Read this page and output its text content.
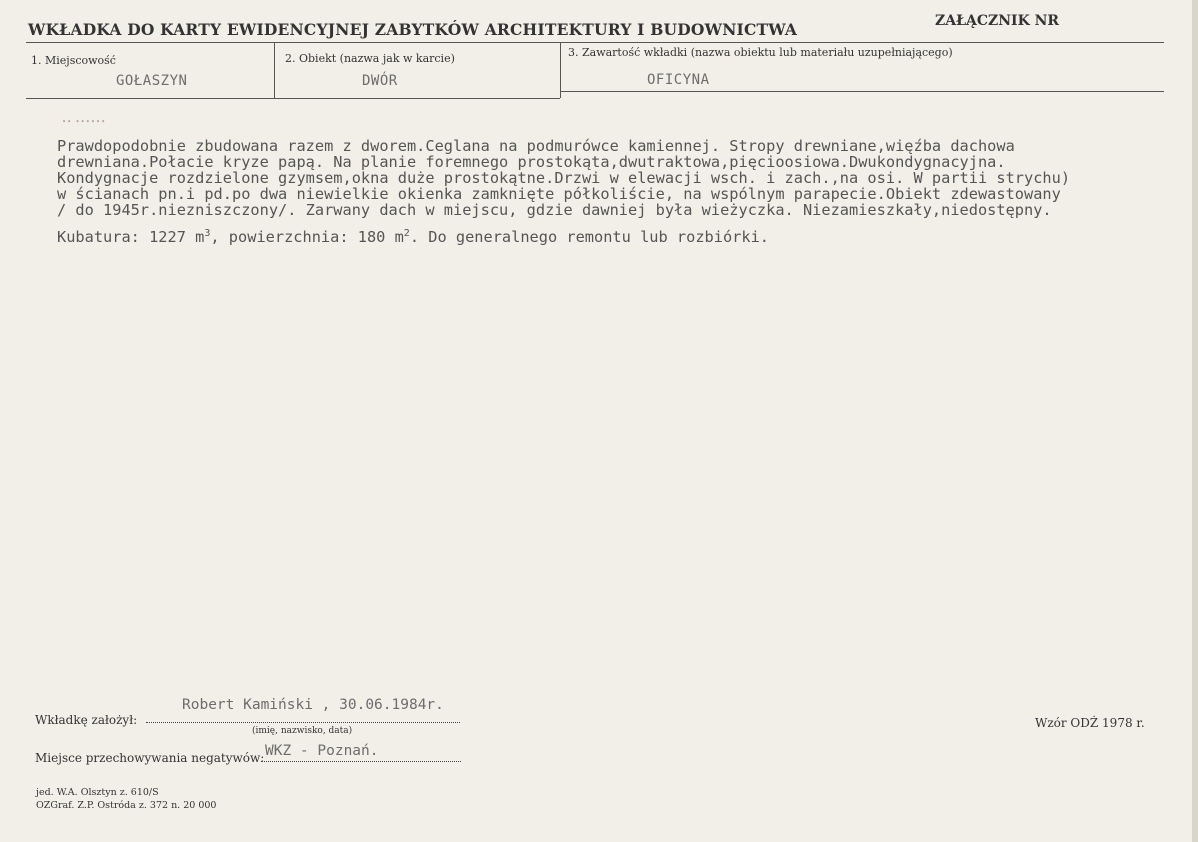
WKŁADKA DO KARTY EWIDENCYJNEJ ZABYTKÓW ARCHITEKTURY I BUDOWNICTWA	ZAŁĄCZNIK NR
1. Miejscowość
GOŁASZYN
2. Obiekt (nazwa jak w karcie)
DWÓR
3. Zawartość wkładki (nazwa obiektu lub materiału uzupełniającego)
OFICYNA
•• ••••••
Prawdopodobnie zbudowana razem z dworem.Ceglana na podmurówce kamiennej. Stropy drewniane,więźba dachowa
drewniana.Połacie kryze papą. Na planie foremnego prostokąta,dwutraktowa,pięcioosiowa.Dwukondygnacyjna.
Kondygnacje rozdzielone gzymsem,okna duże prostokątne.Drzwi w elewacji wsch. i zach.,na osi. W partii strychu)
w ścianach pn.i pd.po dwa niewielkie okienka zamknięte półkoliście, na wspólnym parapecie.Obiekt zdewastowany
/ do 1945r.niezniszczony/. Zarwany dach w miejscu, gdzie dawniej była wieżyczka. Niezamieszkały,niedostępny.
Kubatura: 1227 $m^3$, powierzchnia: 180 $m^2$. Do generalnego remontu lub rozbiórki.
Wkładkę założył:
Robert Kamiński , 30.06.1984r.
(imię, nazwisko, data)
Miejsce przechowywania negatywów: WKZ - Poznań.
Wzór ODŻ 1978 r.
jed. W.A. Olsztyn z. 610/S
OZGraf. Z.P. Ostróda z. 372 n. 20 000
